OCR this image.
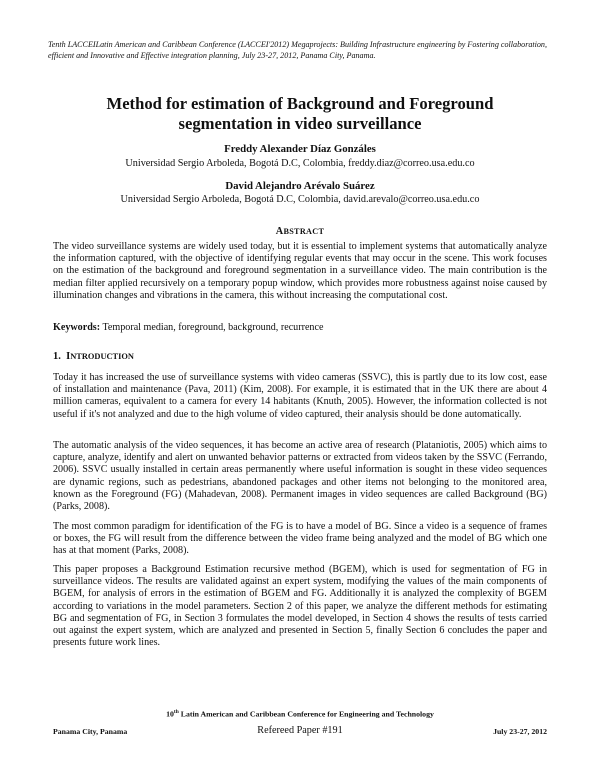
Tenth LACCEILatin American and Caribbean Conference (LACCEI'2012) Megaprojects: Building Infrastructure engineering by Fostering collaboration, efficient and Innovative and Effective integration planning, July 23-27, 2012, Panama City, Panama.
Method for estimation of Background and Foreground
segmentation in video surveillance
Freddy Alexander Díaz Gonzáles
Universidad Sergio Arboleda, Bogotá D.C, Colombia, freddy.diaz@correo.usa.edu.co
David Alejandro Arévalo Suárez
Universidad Sergio Arboleda, Bogotá D.C, Colombia, david.arevalo@correo.usa.edu.co
ABSTRACT

The video surveillance systems are widely used today, but it is essential to implement systems that automatically analyze the information captured, with the objective of identifying regular events that may occur in the scene. This work focuses on the estimation of the background and foreground segmentation in a surveillance video. The main contribution is the median filter applied recursively on a temporary popup window, which provides more robustness against noise caused by illumination changes and vibrations in the camera, this without increasing the computational cost.

Keywords: Temporal median, foreground, background, recurrence

1. INTRODUCTION

Today it has increased the use of surveillance systems with video cameras (SSVC), this is partly due to its low cost, ease of installation and maintenance (Pava, 2011) (Kim, 2008). For example, it is estimated that in the UK there are about 4 million cameras, equivalent to a camera for every 14 habitants (Knuth, 2005). However, the information collected is not useful if it's not analyzed and due to the high volume of video captured, their analysis should be done automatically.

The automatic analysis of the video sequences, it has become an active area of research (Plataniotis, 2005) which aims to capture, analyze, identify and alert on unwanted behavior patterns or extracted from videos taken by the SSVC (Ferrando, 2006). SSVC usually installed in certain areas permanently where useful information is sought in these video sequences are dynamic regions, such as pedestrians, abandoned packages and other items not belonging to the monitored area, known as the Foreground (FG) (Mahadevan, 2008). Permanent images in video sequences are called Background (BG) (Parks, 2008).

The most common paradigm for identification of the FG is to have a model of BG. Since a video is a sequence of frames or boxes, the FG will result from the difference between the video frame being analyzed and the model of BG which one has at that moment (Parks, 2008).

This paper proposes a Background Estimation recursive method (BGEM), which is used for segmentation of FG in surveillance videos. The results are validated against an expert system, modifying the values of the main components of BGEM, for analysis of errors in the estimation of BGEM and FG. Additionally it is analyzed the complexity of BGEM according to variations in the model parameters. Section 2 of this paper, we analyze the different methods for estimating BG and segmentation of FG, in Section 3 formulates the model developed, in Section 4 shows the results of tests carried out against the expert system, which are analyzed and presented in Section 5, finally Section 6 concludes the paper and presents future work lines.

10th Latin American and Caribbean Conference for Engineering and Technology
Panama City, Panama	Refereed Paper #191	July 23-27, 2012
